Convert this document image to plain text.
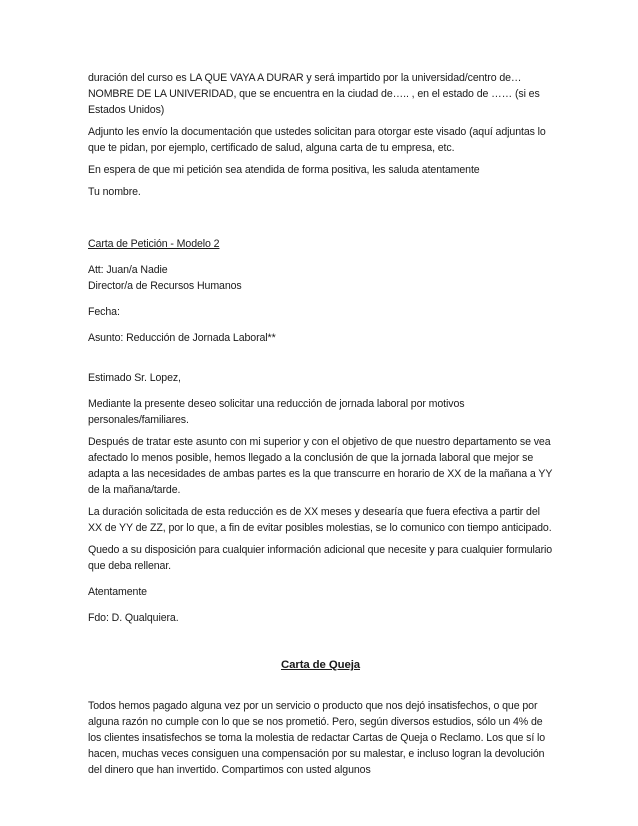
duración del curso es LA QUE VAYA A DURAR y será impartido por la universidad/centro de… NOMBRE DE LA UNIVERIDAD, que se encuentra en la ciudad de….. , en el estado de …… (si es Estados Unidos)

Adjunto les envío la documentación que ustedes solicitan para otorgar este visado (aquí adjuntas lo que te pidan, por ejemplo, certificado de salud, alguna carta de tu empresa, etc.

En espera de que mi petición sea atendida de forma positiva, les saluda atentamente

Tu nombre.

Carta de Petición - Modelo 2

Att: Juan/a Nadie

Director/a de Recursos Humanos

Fecha:

Asunto: Reducción de Jornada Laboral**

Estimado Sr. Lopez,

Mediante la presente deseo solicitar una reducción de jornada laboral por motivos personales/familiares.

Después de tratar este asunto con mi superior y con el objetivo de que nuestro departamento se vea afectado lo menos posible, hemos llegado a la conclusión de que la jornada laboral que mejor se adapta a las necesidades de ambas partes es la que transcurre en horario de XX de la mañana a YY de la mañana/tarde.

La duración solicitada de esta reducción es de XX meses y desearía que fuera efectiva a partir del XX de YY de ZZ, por lo que, a fin de evitar posibles molestias, se lo comunico con tiempo anticipado.

Quedo a su disposición para cualquier información adicional que necesite y para cualquier formulario que deba rellenar.

Atentamente

Fdo: D. Qualquiera.

Carta de Queja

Todos hemos pagado alguna vez por un servicio o producto que nos dejó insatisfechos, o que por alguna razón no cumple con lo que se nos prometió. Pero, según diversos estudios, sólo un 4% de los clientes insatisfechos se toma la molestia de redactar Cartas de Queja o Reclamo. Los que sí lo hacen, muchas veces consiguen una compensación por su malestar, e incluso logran la devolución del dinero que han invertido. Compartimos con usted algunos
